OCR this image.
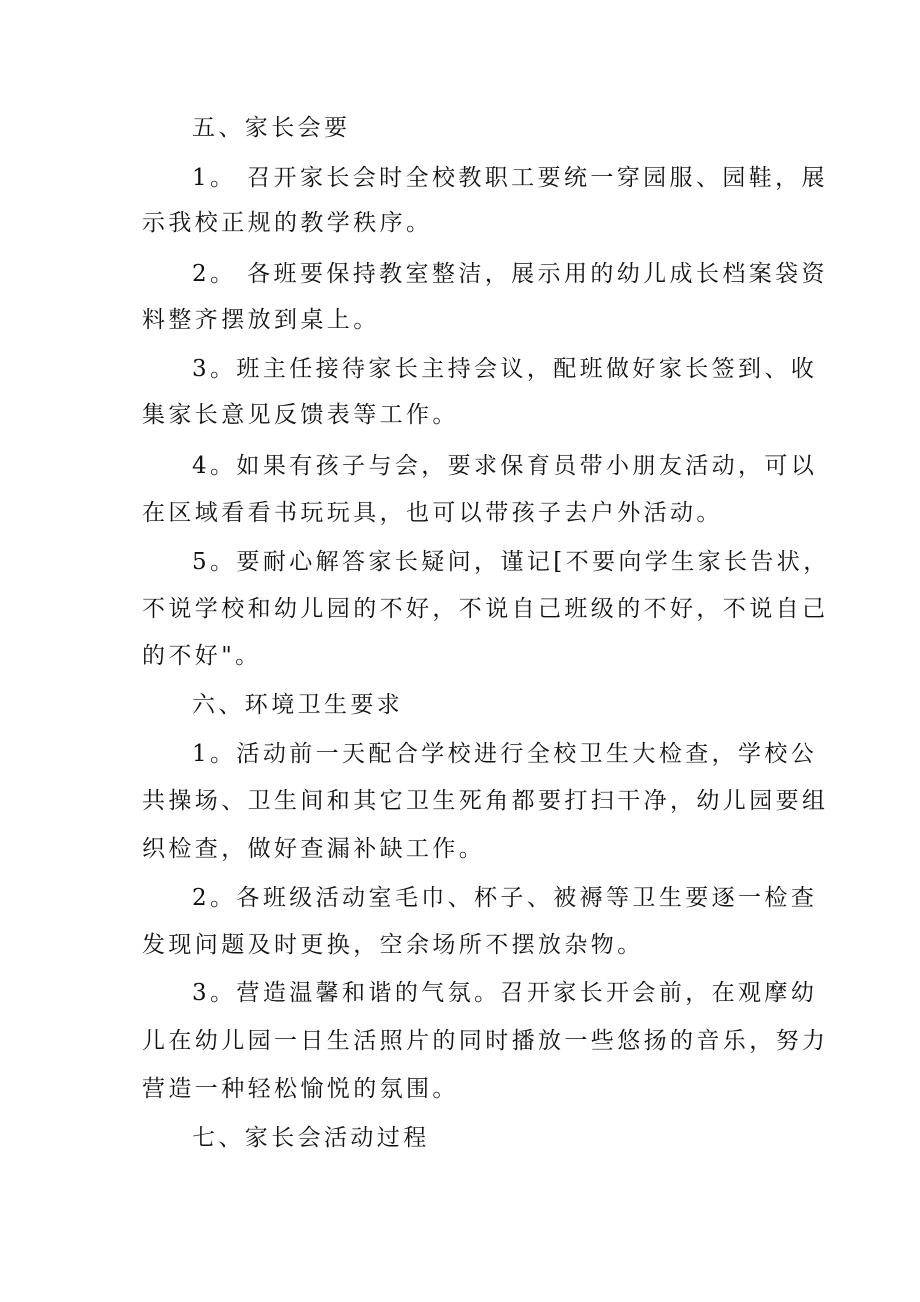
五、家长会要
1。 召开家长会时全校教职工要统一穿园服、园鞋，展
示我校正规的教学秩序。
2。 各班要保持教室整洁，展示用的幼儿成长档案袋资
料整齐摆放到桌上。
3。班主任接待家长主持会议，配班做好家长签到、收
集家长意见反馈表等工作。
4。如果有孩子与会，要求保育员带小朋友活动，可以
在区域看看书玩玩具，也可以带孩子去户外活动。
5。要耐心解答家长疑问，谨记[不要向学生家长告状，
不说学校和幼儿园的不好，不说自己班级的不好，不说自己
的不好"。
六、环境卫生要求
1。活动前一天配合学校进行全校卫生大检查，学校公
共操场、卫生间和其它卫生死角都要打扫干净，幼儿园要组
织检查，做好查漏补缺工作。
2。各班级活动室毛巾、杯子、被褥等卫生要逐一检查
发现问题及时更换，空余场所不摆放杂物。
3。营造温馨和谐的气氛。召开家长开会前，在观摩幼
儿在幼儿园一日生活照片的同时播放一些悠扬的音乐，努力
营造一种轻松愉悦的氛围。
七、家长会活动过程
